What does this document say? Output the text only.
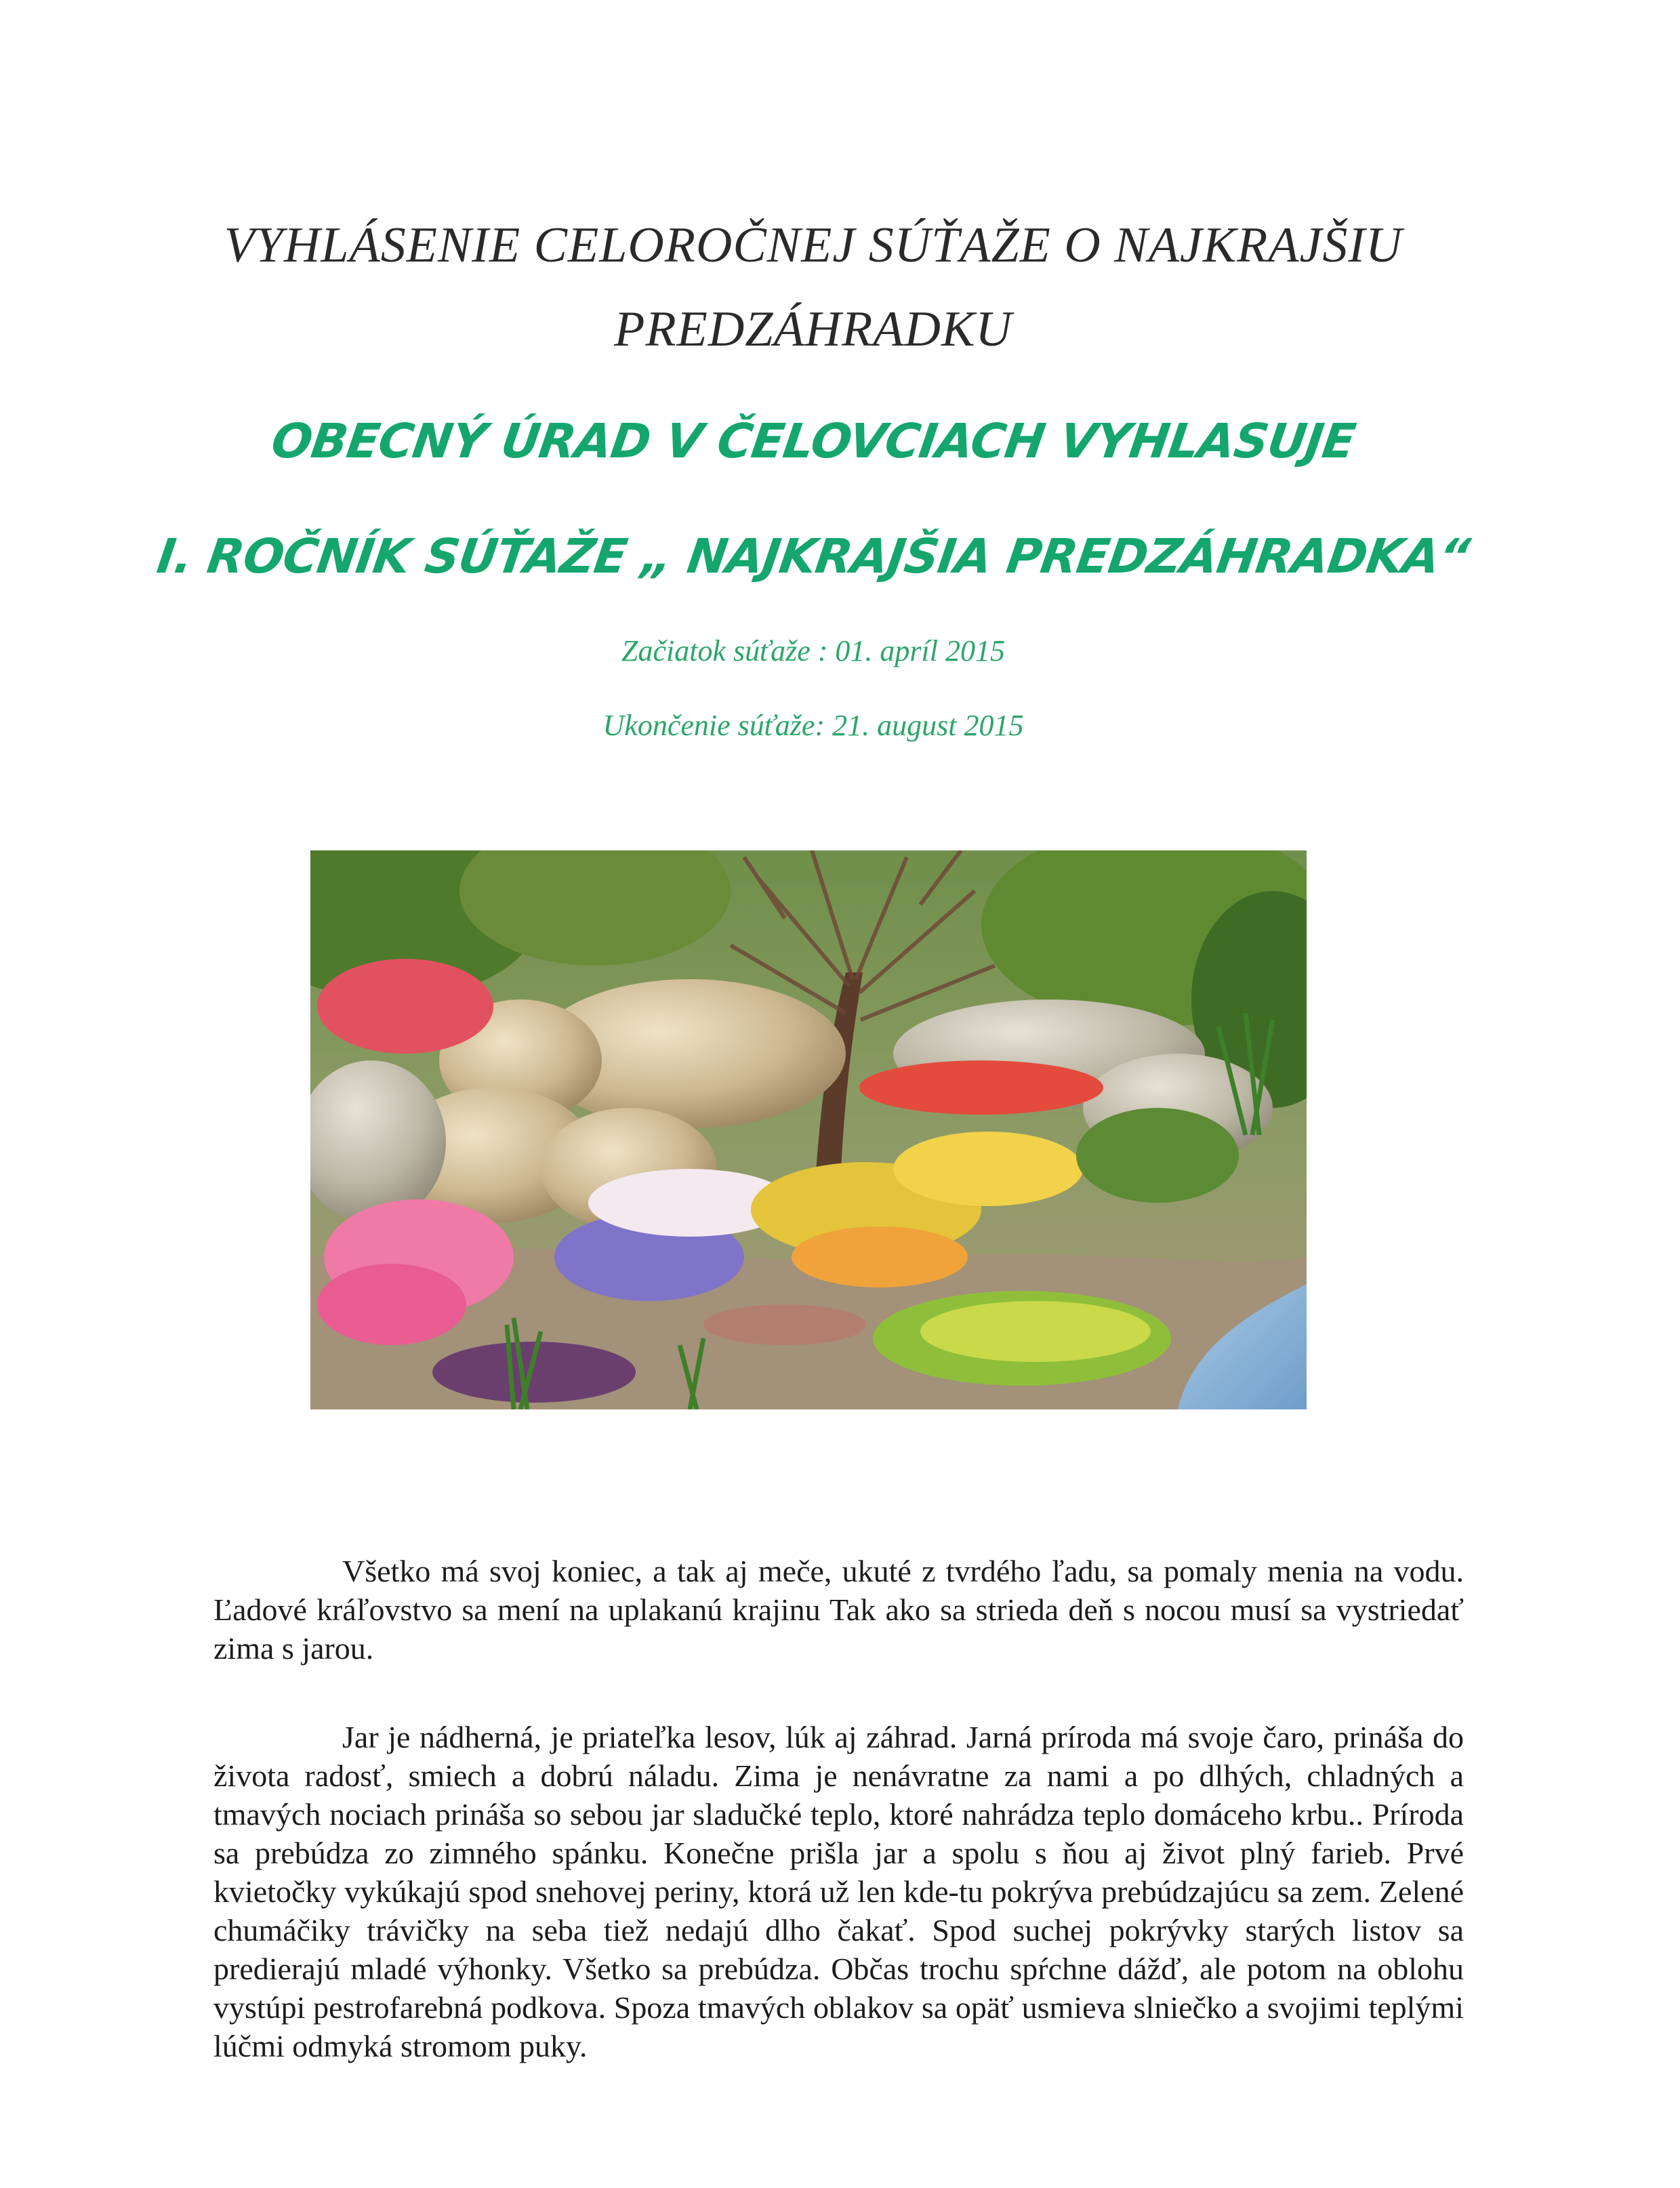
VYHLÁSENIE CELOROČNEJ SÚŤAŽE O NAJKRAJŠIU PREDZÁHRADKU
OBECNÝ ÚRAD V ČELOVCIACH VYHLASUJE
I. ROČNÍK SÚŤAŽE „ NAJKRAJŠIA PREDZÁHRADKA“
Začiatok súťaže : 01. apríl 2015
Ukončenie súťaže: 21. august 2015

Všetko má svoj koniec, a tak aj meče, ukuté z tvrdého ľadu, sa pomaly menia na vodu. Ľadové kráľovstvo sa mení na uplakanú krajinu Tak ako sa strieda deň s nocou musí sa vystriedať zima s jarou.

Jar je nádherná, je priateľka lesov, lúk aj záhrad. Jarná príroda má svoje čaro, prináša do života radosť, smiech a dobrú náladu. Zima je nenávratne za nami a po dlhých, chladných a tmavých nociach prináša so sebou jar sladučké teplo, ktoré nahrádza teplo domáceho krbu.. Príroda sa prebúdza zo zimného spánku. Konečne prišla jar a spolu s ňou aj život plný farieb. Prvé kvietočky vykúkajú spod snehovej periny, ktorá už len kde-tu pokrýva prebúdzajúcu sa zem. Zelené chumáčiky trávičky na seba tiež nedajú dlho čakať. Spod suchej pokrývky starých listov sa predierajú mladé výhonky. Všetko sa prebúdza. Občas trochu spŕchne dážď, ale potom na oblohu vystúpi pestrofarebná podkova. Spoza tmavých oblakov sa opäť usmieva slniečko a svojimi teplými lúčmi odmyká stromom puky.
